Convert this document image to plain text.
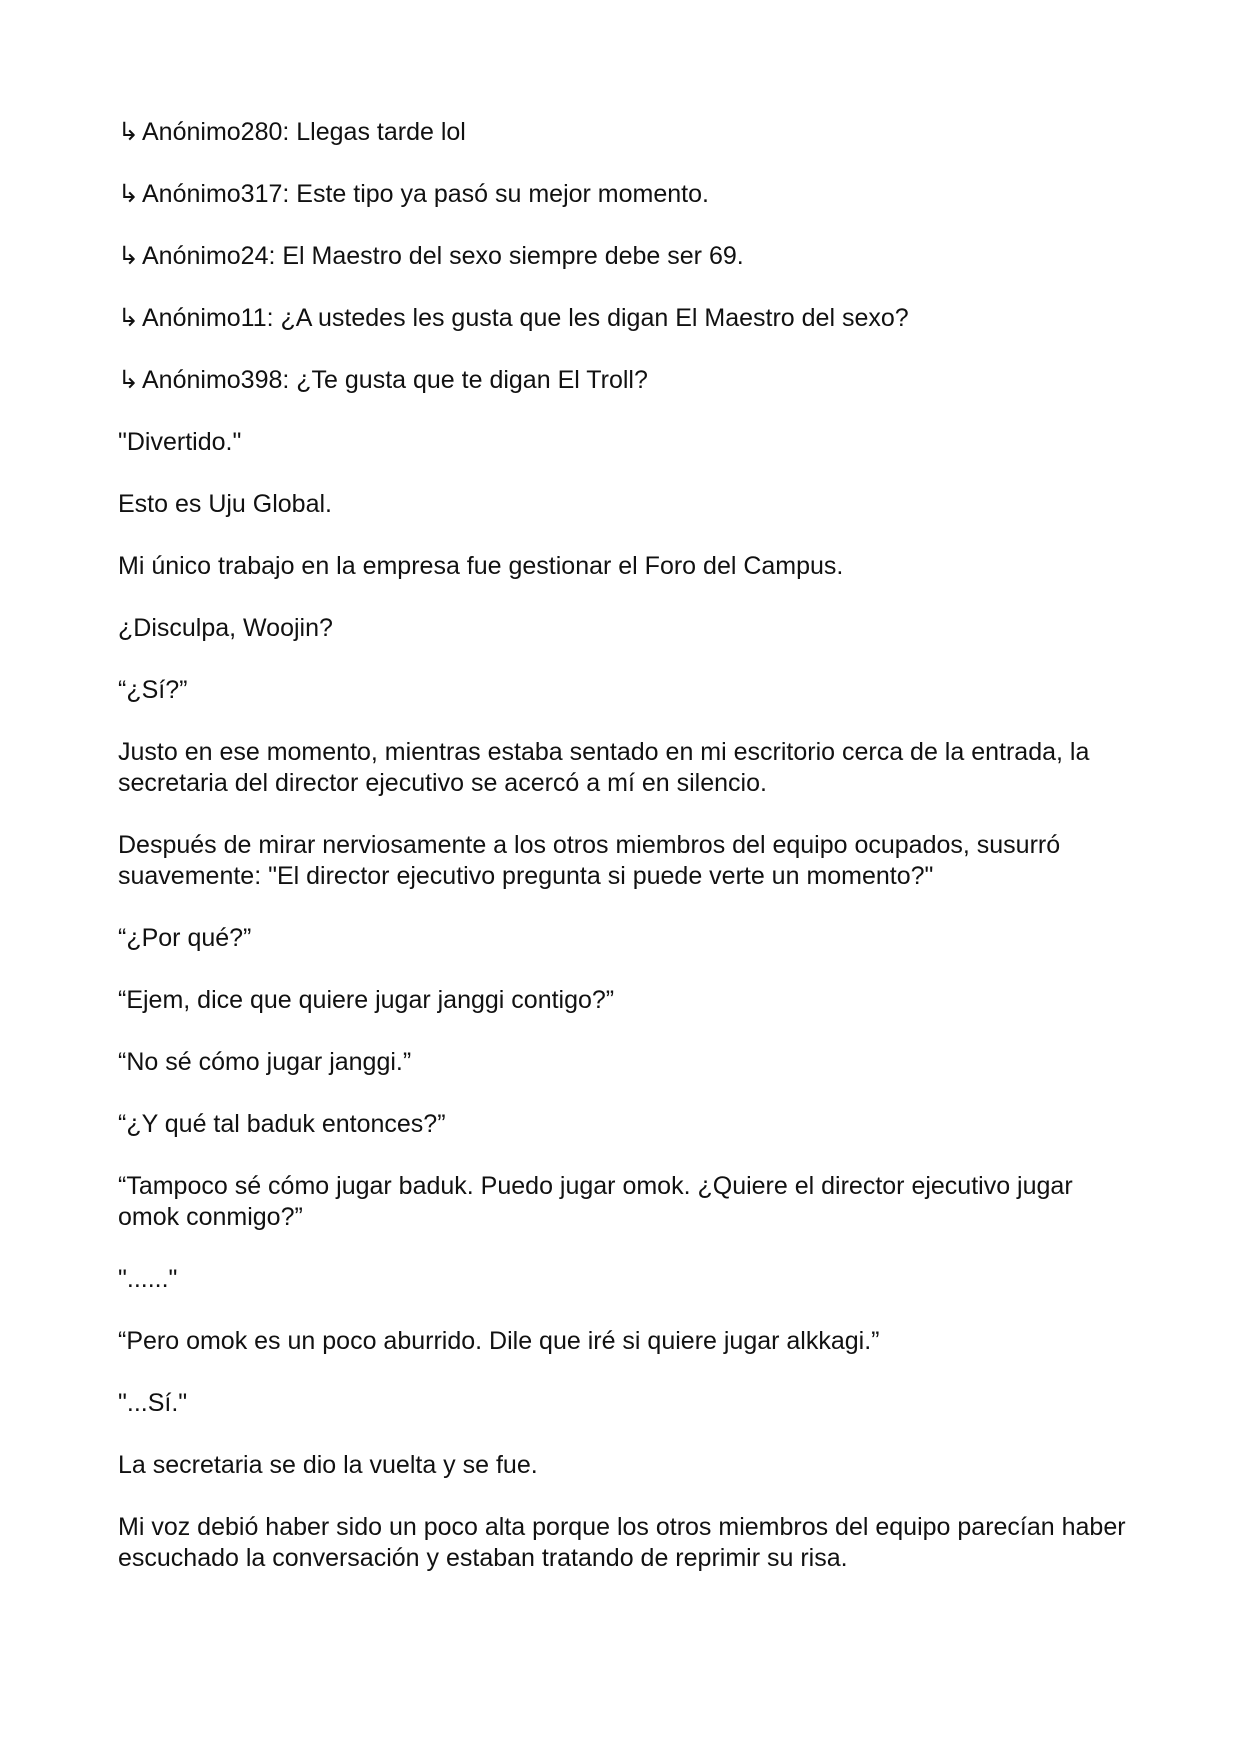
↳ Anónimo280: Llegas tarde lol
↳ Anónimo317: Este tipo ya pasó su mejor momento.
↳ Anónimo24: El Maestro del sexo siempre debe ser 69.
↳ Anónimo11: ¿A ustedes les gusta que les digan El Maestro del sexo?
↳ Anónimo398: ¿Te gusta que te digan El Troll?

"Divertido."

Esto es Uju Global.

Mi único trabajo en la empresa fue gestionar el Foro del Campus.

¿Disculpa, Woojin?

“¿Sí?”

Justo en ese momento, mientras estaba sentado en mi escritorio cerca de la entrada, la secretaria del director ejecutivo se acercó a mí en silencio.

Después de mirar nerviosamente a los otros miembros del equipo ocupados, susurró suavemente: "El director ejecutivo pregunta si puede verte un momento?"

“¿Por qué?”

“Ejem, dice que quiere jugar janggi contigo?”

“No sé cómo jugar janggi.”

“¿Y qué tal baduk entonces?”

“Tampoco sé cómo jugar baduk. Puedo jugar omok. ¿Quiere el director ejecutivo jugar omok conmigo?”

"......"

“Pero omok es un poco aburrido. Dile que iré si quiere jugar alkkagi.”

"...Sí."

La secretaria se dio la vuelta y se fue.

Mi voz debió haber sido un poco alta porque los otros miembros del equipo parecían haber escuchado la conversación y estaban tratando de reprimir su risa.
